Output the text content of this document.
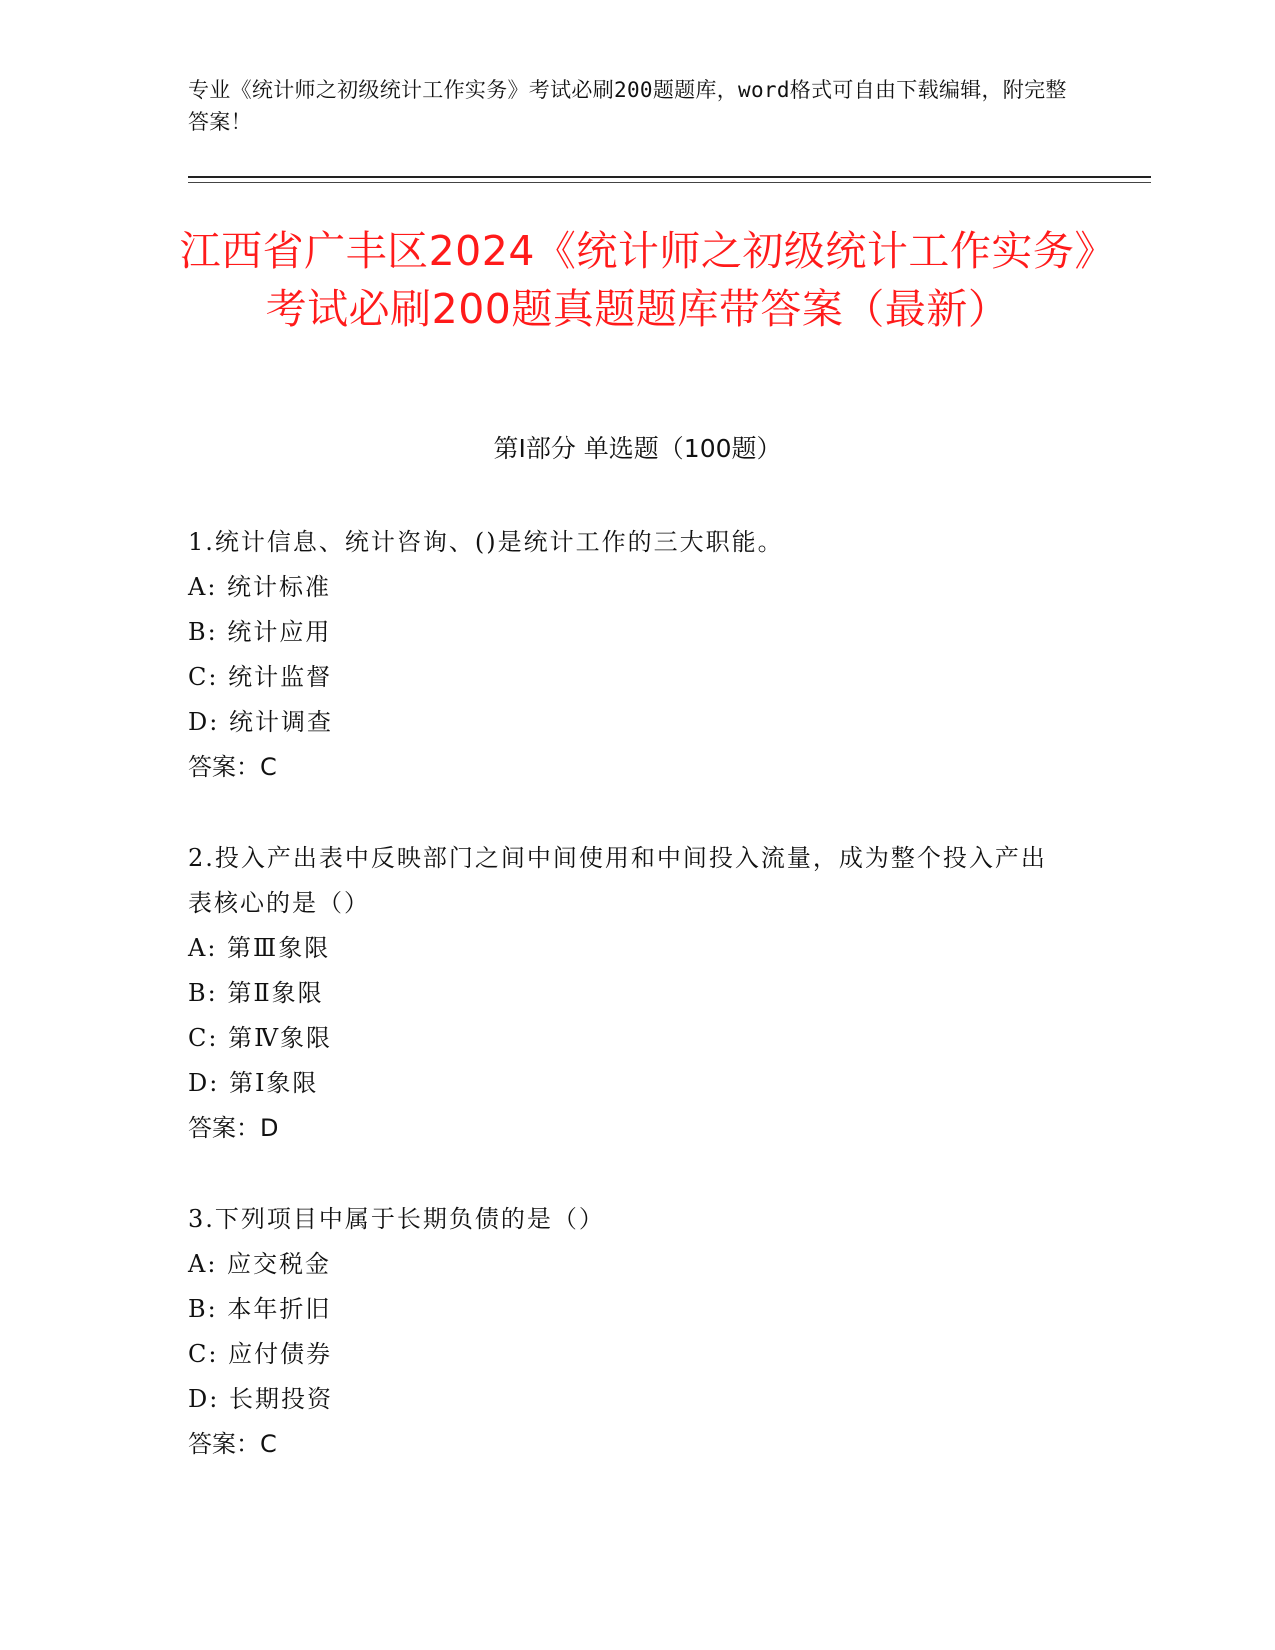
专业《统计师之初级统计工作实务》考试必刷200题题库，word格式可自由下载编辑，附完整答案！
江西省广丰区2024《统计师之初级统计工作实务》考试必刷200题真题题库带答案（最新）
第I部分 单选题（100题）
1.统计信息、统计咨询、()是统计工作的三大职能。
A: 统计标准
B: 统计应用
C: 统计监督
D: 统计调查
答案：C
2.投入产出表中反映部门之间中间使用和中间投入流量，成为整个投入产出表核心的是（）
A: 第Ⅲ象限
B: 第Ⅱ象限
C: 第Ⅳ象限
D: 第Ⅰ象限
答案：D
3.下列项目中属于长期负债的是（）
A: 应交税金
B: 本年折旧
C: 应付债券
D: 长期投资
答案：C
